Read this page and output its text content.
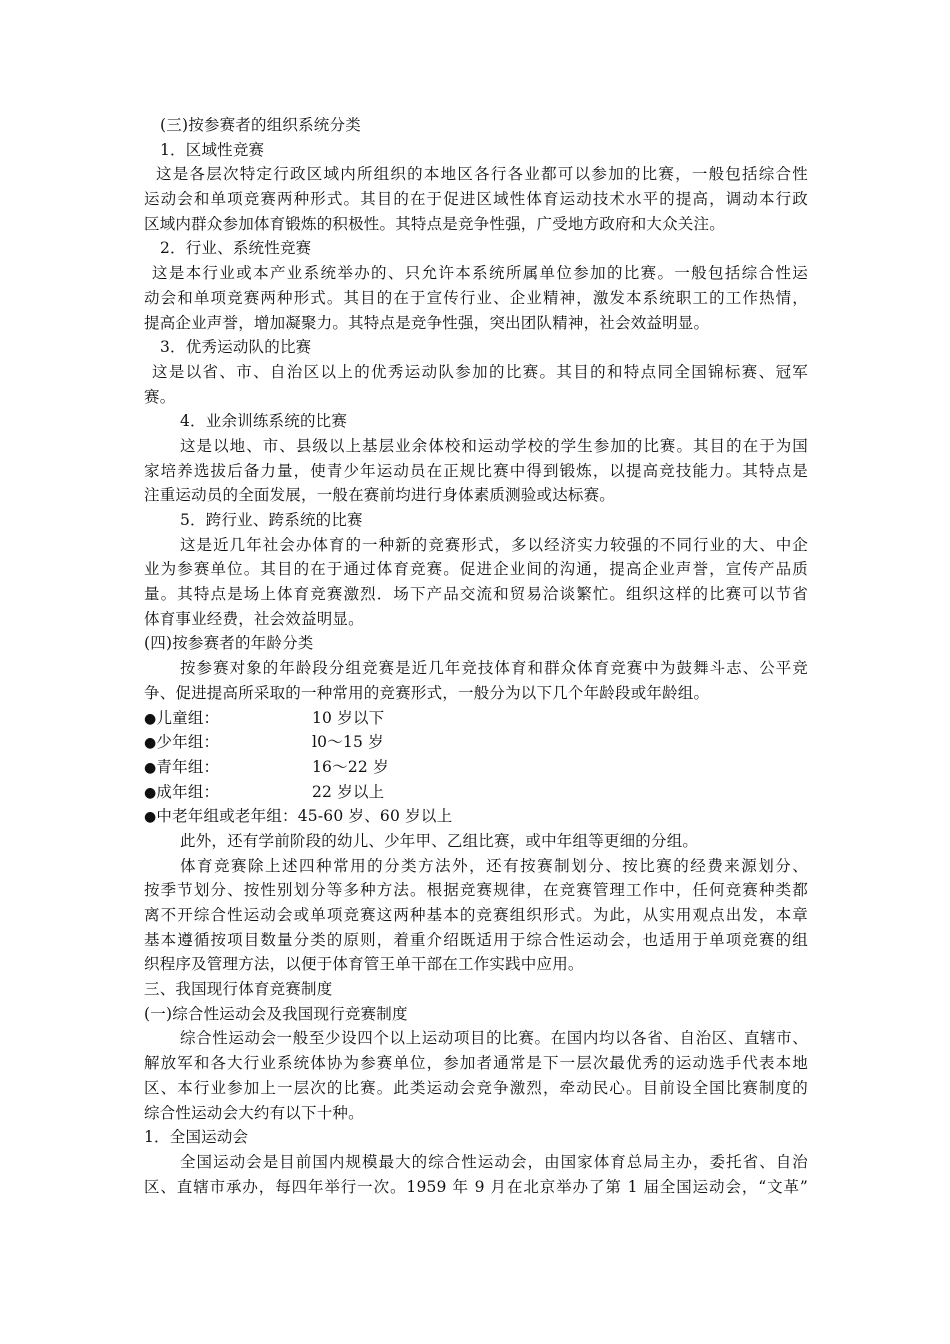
(三)按参赛者的组织系统分类
1．区域性竞赛
这是各层次特定行政区域内所组织的本地区各行各业都可以参加的比赛，一般包括综合性
运动会和单项竞赛两种形式。其目的在于促进区域性体育运动技术水平的提高，调动本行政
区域内群众参加体育锻炼的积极性。其特点是竞争性强，广受地方政府和大众关注。
2．行业、系统性竞赛
这是本行业或本产业系统举办的、只允许本系统所属单位参加的比赛。一般包括综合性运
动会和单项竞赛两种形式。其目的在于宣传行业、企业精神，激发本系统职工的工作热情，
提高企业声誉，增加凝聚力。其特点是竞争性强，突出团队精神，社会效益明显。
3．优秀运动队的比赛
这是以省、市、自治区以上的优秀运动队参加的比赛。其目的和特点同全国锦标赛、冠军
赛。
4．业余训练系统的比赛
这是以地、市、县级以上基层业余体校和运动学校的学生参加的比赛。其目的在于为国
家培养选拔后备力量，使青少年运动员在正规比赛中得到锻炼，以提高竞技能力。其特点是
注重运动员的全面发展，一般在赛前均进行身体素质测验或达标赛。
5．跨行业、跨系统的比赛
这是近几年社会办体育的一种新的竞赛形式，多以经济实力较强的不同行业的大、中企
业为参赛单位。其目的在于通过体育竞赛。促进企业间的沟通，提高企业声誉，宣传产品质
量。其特点是场上体育竞赛激烈．场下产品交流和贸易洽谈繁忙。组织这样的比赛可以节省
体育事业经费，社会效益明显。
(四)按参赛者的年龄分类
按参赛对象的年龄段分组竞赛是近几年竞技体育和群众体育竞赛中为鼓舞斗志、公平竞
争、促进提高所采取的一种常用的竞赛形式，一般分为以下几个年龄段或年龄组。
●儿童组：	10 岁以下
●少年组：	l0～15 岁
●青年组：	16～22 岁
●成年组：	22 岁以上
●中老年组或老年组：45-60 岁、60 岁以上
此外，还有学前阶段的幼儿、少年甲、乙组比赛，或中年组等更细的分组。
体育竞赛除上述四种常用的分类方法外，还有按赛制划分、按比赛的经费来源划分、
按季节划分、按性别划分等多种方法。根据竞赛规律，在竞赛管理工作中，任何竞赛种类都
离不开综合性运动会或单项竞赛这两种基本的竞赛组织形式。为此，从实用观点出发，本章
基本遵循按项目数量分类的原则，着重介绍既适用于综合性运动会，也适用于单项竞赛的组
织程序及管理方法，以便于体育管王单干部在工作实践中应用。
三、我国现行体育竞赛制度
(一)综合性运动会及我国现行竞赛制度
综合性运动会一般至少设四个以上运动项目的比赛。在国内均以各省、自治区、直辖市、
解放军和各大行业系统体协为参赛单位，参加者通常是下一层次最优秀的运动选手代表本地
区、本行业参加上一层次的比赛。此类运动会竞争激烈，牵动民心。目前设全国比赛制度的
综合性运动会大约有以下十种。
1．全国运动会
全国运动会是目前国内规模最大的综合性运动会，由国家体育总局主办，委托省、自治
区、直辖市承办，每四年举行一次。1959 年 9 月在北京举办了第 1 届全国运动会，“文革”
